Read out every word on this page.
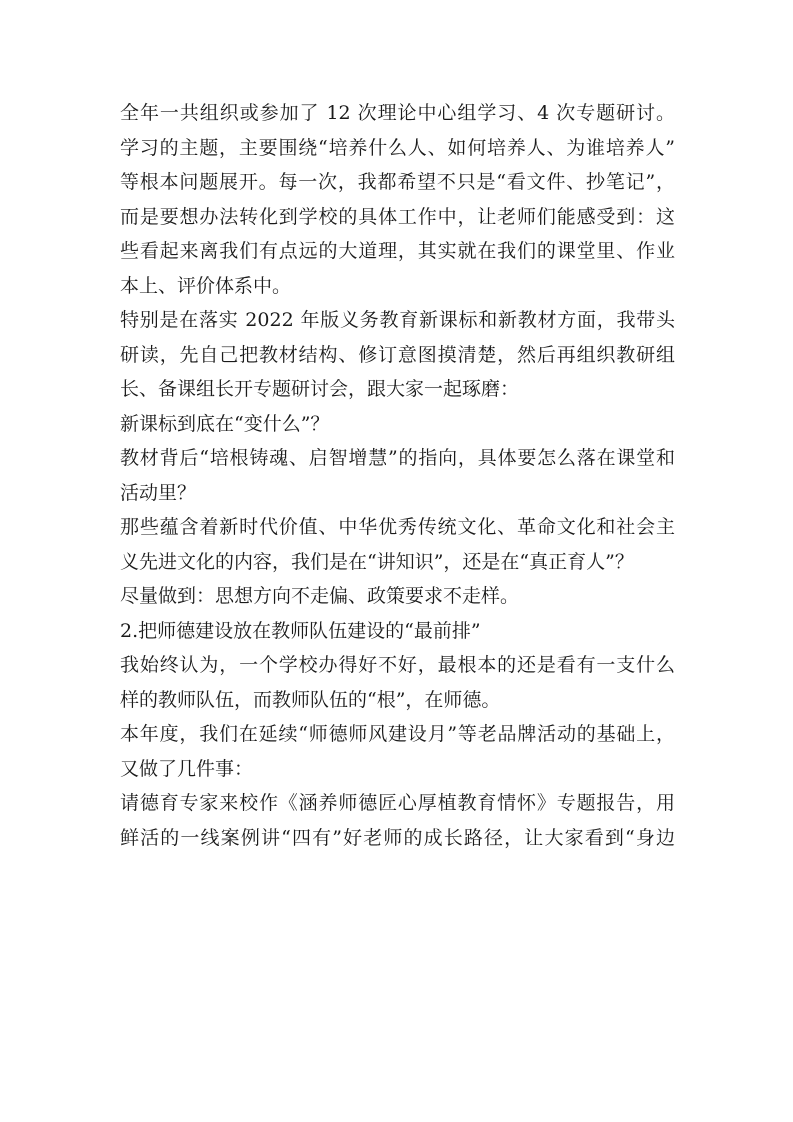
全年一共组织或参加了 12 次理论中心组学习、4 次专题研讨。

学习的主题，主要围绕“培养什么人、如何培养人、为谁培养人”

等根本问题展开。每一次，我都希望不只是“看文件、抄笔记”，

而是要想办法转化到学校的具体工作中，让老师们能感受到：这

些看起来离我们有点远的大道理，其实就在我们的课堂里、作业

本上、评价体系中。

特别是在落实 2022 年版义务教育新课标和新教材方面，我带头

研读，先自己把教材结构、修订意图摸清楚，然后再组织教研组

长、备课组长开专题研讨会，跟大家一起琢磨：

新课标到底在“变什么”？

教材背后“培根铸魂、启智增慧”的指向，具体要怎么落在课堂和

活动里？

那些蕴含着新时代价值、中华优秀传统文化、革命文化和社会主

义先进文化的内容，我们是在“讲知识”，还是在“真正育人”？

尽量做到：思想方向不走偏、政策要求不走样。

2.把师德建设放在教师队伍建设的“最前排”

我始终认为，一个学校办得好不好，最根本的还是看有一支什么

样的教师队伍，而教师队伍的“根”，在师德。

本年度，我们在延续“师德师风建设月”等老品牌活动的基础上，

又做了几件事：

请德育专家来校作《涵养师德匠心厚植教育情怀》专题报告，用

鲜活的一线案例讲“四有”好老师的成长路径，让大家看到“身边
